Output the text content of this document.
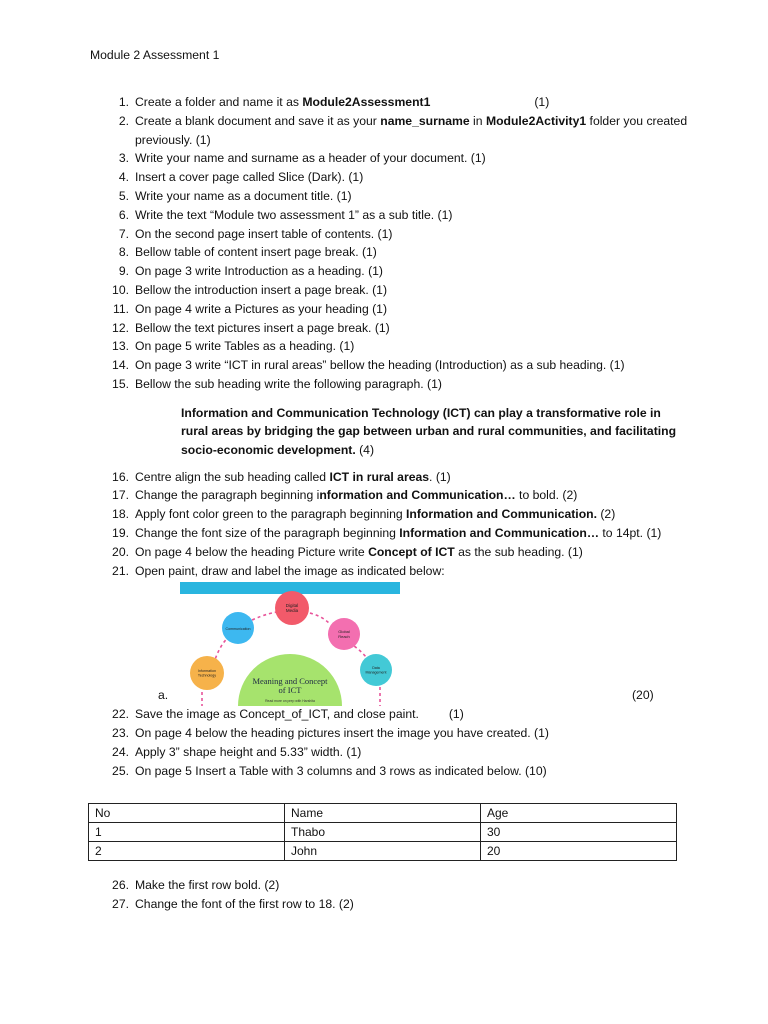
Module 2 Assessment 1
1. Create a folder and name it as Module2Assessment1	(1)
2. Create a blank document and save it as your name_surname in Module2Activity1 folder you created previously. (1)
3. Write your name and surname as a header of your document. (1)
4. Insert a cover page called Slice (Dark). (1)
5. Write your name as a document title. (1)
6. Write the text “Module two assessment 1” as a sub title. (1)
7. On the second page insert table of contents. (1)
8. Bellow table of content insert page break. (1)
9. On page 3 write Introduction as a heading. (1)
10. Bellow the introduction insert a page break. (1)
11. On page 4 write a Pictures as your heading (1)
12. Bellow the text pictures insert a page break. (1)
13. On page 5 write Tables as a heading. (1)
14. On page 3 write “ICT in rural areas” bellow the heading (Introduction) as a sub heading. (1)
15. Bellow the sub heading write the following paragraph. (1)
Information and Communication Technology (ICT) can play a transformative role in rural areas by bridging the gap between urban and rural communities, and facilitating socio-economic development. (4)
16. Centre align the sub heading called ICT in rural areas. (1)
17. Change the paragraph beginning information and Communication… to bold. (2)
18. Apply font color green to the paragraph beginning Information and Communication. (2)
19. Change the font size of the paragraph beginning Information and Communication… to 14pt. (1)
20. On page 4 below the heading Picture write Concept of ICT as the sub heading. (1)
21. Open paint, draw and label the image as indicated below:
a.	(20)
Digital Media
Communication	Global Reach
Information Technology
Data Management
Meaning and Concept of ICT
Read more on prep with Harshita
22. Save the image as Concept_of_ICT, and close paint. (1)
23. On page 4 below the heading pictures insert the image you have created. (1)
24. Apply 3” shape height and 5.33” width. (1)
25. On page 5 Insert a Table with 3 columns and 3 rows as indicated below. (10)
No	Name	Age
1	Thabo	30
2	John	20
26. Make the first row bold. (2)
27. Change the font of the first row to 18. (2)
